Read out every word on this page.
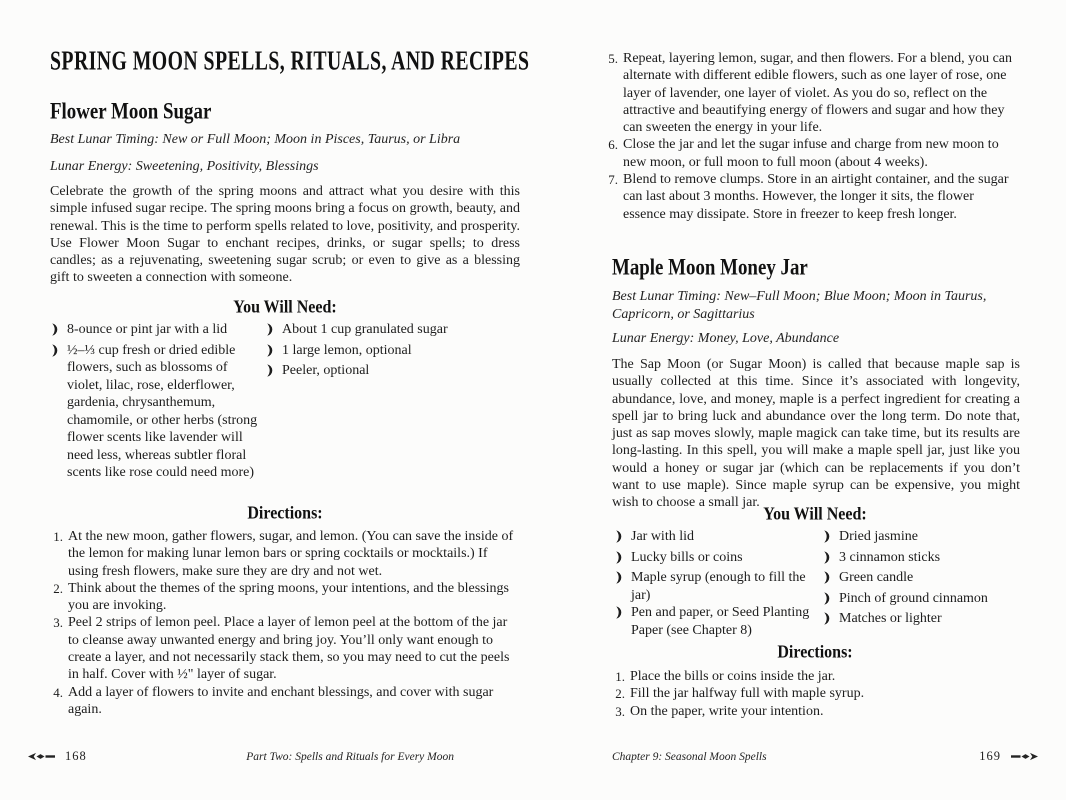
SPRING MOON SPELLS, RITUALS, AND RECIPES
Flower Moon Sugar
Best Lunar Timing: New or Full Moon; Moon in Pisces, Taurus, or Libra
Lunar Energy: Sweetening, Positivity, Blessings
Celebrate the growth of the spring moons and attract what you desire with this simple infused sugar recipe. The spring moons bring a focus on growth, beauty, and renewal. This is the time to perform spells related to love, positivity, and prosperity. Use Flower Moon Sugar to enchant recipes, drinks, or sugar spells; to dress candles; as a rejuvenating, sweetening sugar scrub; or even to give as a blessing gift to sweeten a connection with someone.
You Will Need:
8-ounce or pint jar with a lid
½–⅓ cup fresh or dried edible flowers, such as blossoms of violet, lilac, rose, elderflower, gardenia, chrysanthemum, chamomile, or other herbs (strong flower scents like lavender will need less, whereas subtler floral scents like rose could need more)
About 1 cup granulated sugar
1 large lemon, optional
Peeler, optional
Directions:
1. At the new moon, gather flowers, sugar, and lemon. (You can save the inside of the lemon for making lunar lemon bars or spring cocktails or mocktails.) If using fresh flowers, make sure they are dry and not wet.
2. Think about the themes of the spring moons, your intentions, and the blessings you are invoking.
3. Peel 2 strips of lemon peel. Place a layer of lemon peel at the bottom of the jar to cleanse away unwanted energy and bring joy. You’ll only want enough to create a layer, and not necessarily stack them, so you may need to cut the peels in half. Cover with ½" layer of sugar.
4. Add a layer of flowers to invite and enchant blessings, and cover with sugar again.
168	Part Two: Spells and Rituals for Every Moon
5. Repeat, layering lemon, sugar, and then flowers. For a blend, you can alternate with different edible flowers, such as one layer of rose, one layer of lavender, one layer of violet. As you do so, reflect on the attractive and beautifying energy of flowers and sugar and how they can sweeten the energy in your life.
6. Close the jar and let the sugar infuse and charge from new moon to new moon, or full moon to full moon (about 4 weeks).
7. Blend to remove clumps. Store in an airtight container, and the sugar can last about 3 months. However, the longer it sits, the flower essence may dissipate. Store in freezer to keep fresh longer.
Maple Moon Money Jar
Best Lunar Timing: New–Full Moon; Blue Moon; Moon in Taurus, Capricorn, or Sagittarius
Lunar Energy: Money, Love, Abundance
The Sap Moon (or Sugar Moon) is called that because maple sap is usually collected at this time. Since it’s associated with longevity, abundance, love, and money, maple is a perfect ingredient for creating a spell jar to bring luck and abundance over the long term. Do note that, just as sap moves slowly, maple magick can take time, but its results are long-lasting. In this spell, you will make a maple spell jar, just like you would a honey or sugar jar (which can be replacements if you don’t want to use maple). Since maple syrup can be expensive, you might wish to choose a small jar.
You Will Need:
Jar with lid
Lucky bills or coins
Maple syrup (enough to fill the jar)
Pen and paper, or Seed Planting Paper (see Chapter 8)
Dried jasmine
3 cinnamon sticks
Green candle
Pinch of ground cinnamon
Matches or lighter
Directions:
1. Place the bills or coins inside the jar.
2. Fill the jar halfway full with maple syrup.
3. On the paper, write your intention.
Chapter 9: Seasonal Moon Spells	169
